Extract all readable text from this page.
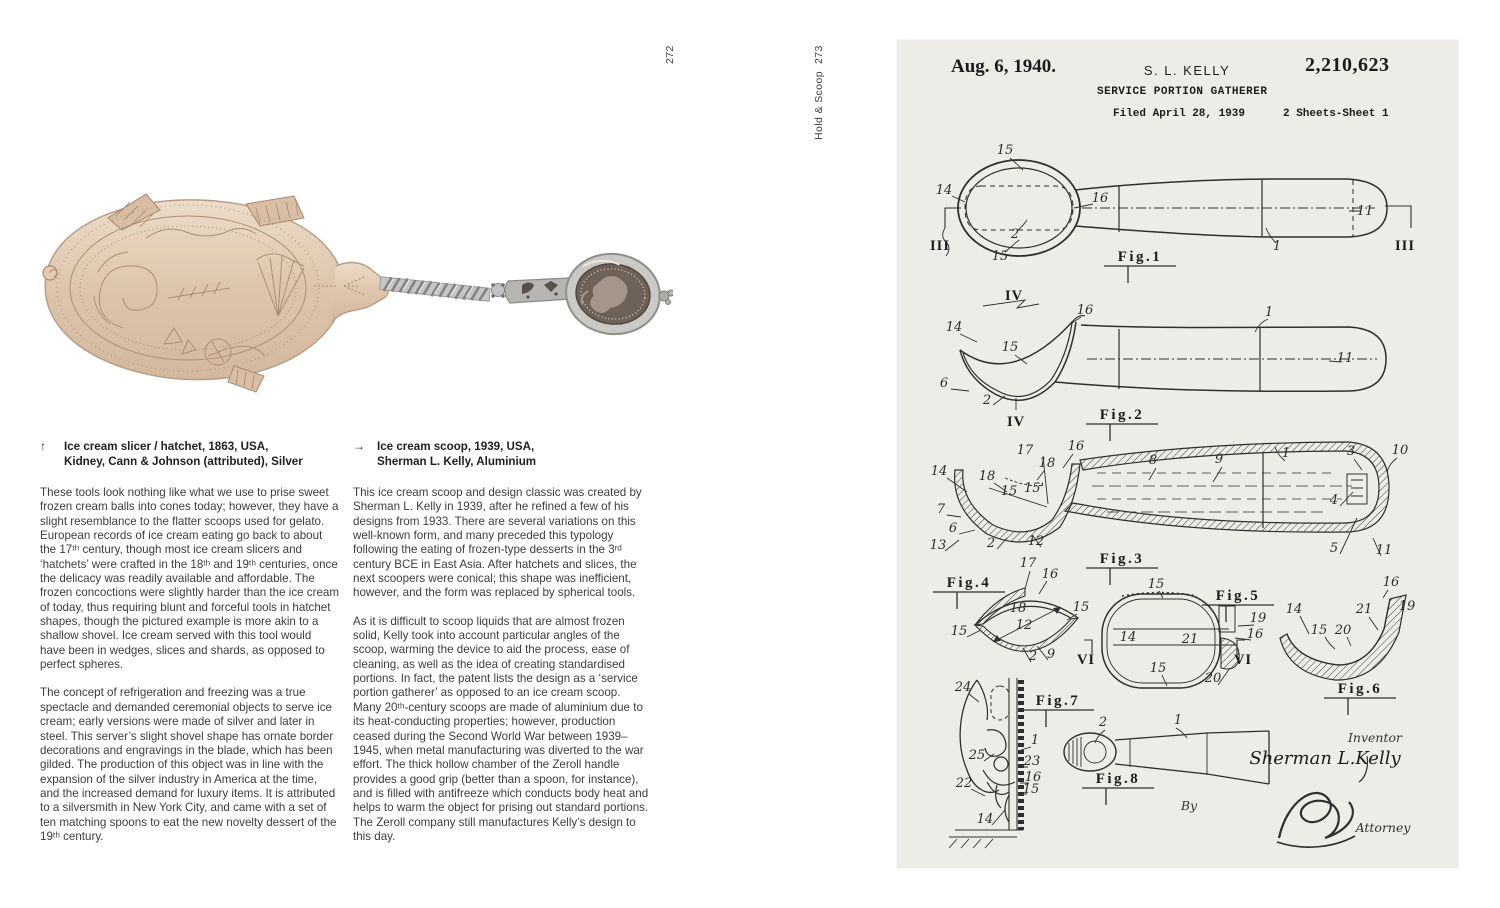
272	273
Hold & Scoop
↑ Ice cream slicer / hatchet, 1863, USA,
Kidney, Cann & Johnson (attributed), Silver
→ Ice cream scoop, 1939, USA,
Sherman L. Kelly, Aluminium

These tools look nothing like what we use to prise sweet frozen cream balls into cones today; however, they have a slight resemblance to the flatter scoops used for gelato. European records of ice cream eating go back to about the 17ᵗʰ century, though most ice cream slicers and ‘hatchets’ were crafted in the 18ᵗʰ and 19ᵗʰ centuries, once the delicacy was readily available and affordable. The frozen concoctions were slightly harder than the ice cream of today, thus requiring blunt and forceful tools in hatchet shapes, though the pictured example is more akin to a shallow shovel. Ice cream served with this tool would have been in wedges, slices and shards, as opposed to perfect spheres.

The concept of refrigeration and freezing was a true spectacle and demanded ceremonial objects to serve ice cream; early versions were made of silver and later in steel. This server’s slight shovel shape has ornate border decorations and engravings in the blade, which has been gilded. The production of this object was in line with the expansion of the silver industry in America at the time, and the increased demand for luxury items. It is attributed to a silversmith in New York City, and came with a set of ten matching spoons to eat the new novelty dessert of the 19ᵗʰ century.

This ice cream scoop and design classic was created by Sherman L. Kelly in 1939, after he refined a few of his designs from 1933. There are several variations on this well-known form, and many preceded this typology following the eating of frozen-type desserts in the 3ʳᵈ century BCE in East Asia. After hatchets and slices, the next scoopers were conical; this shape was inefficient, however, and the form was replaced by spherical tools.

As it is difficult to scoop liquids that are almost frozen solid, Kelly took into account particular angles of the scoop, warming the device to aid the process, ease of cleaning, as well as the idea of creating standardised portions. In fact, the patent lists the design as a ‘service portion gatherer’ as opposed to an ice cream scoop. Many 20ᵗʰ-century scoops are made of aluminium due to its heat-conducting properties; however, production ceased during the Second World War between 1939–1945, when metal manufacturing was diverted to the war effort. The thick hollow chamber of the Zeroll handle provides a good grip (better than a spoon, for instance), and is filled with antifreeze which conducts body heat and helps to warm the object for prising out standard portions. The Zeroll company still manufactures Kelly’s design to this day.

Aug. 6, 1940.	S. L. KELLY	2,210,623
SERVICE PORTION GATHERER
Filed April 28, 1939	2 Sheets-Sheet 1
15
14
16
2
15
1
11
III	III
IV
Fig.1
14
15
16
6
2
1
11
IV	Fig.2
14
17	16
18
18
15 15'
7
6
13	2	12
8	9	1	3	10
4
5	11
Fig.3
Fig.4
17
16
18
15
15
12
2 9
Fig.5
15
14	21
19
16
15
20
VI	VI
16
19
14
15 20
21
Fig.6
24
25
22
1
23
16
15
14
Fig.7
2	1
Fig.8
By
Inventor
Sherman L.Kelly
Attorney
